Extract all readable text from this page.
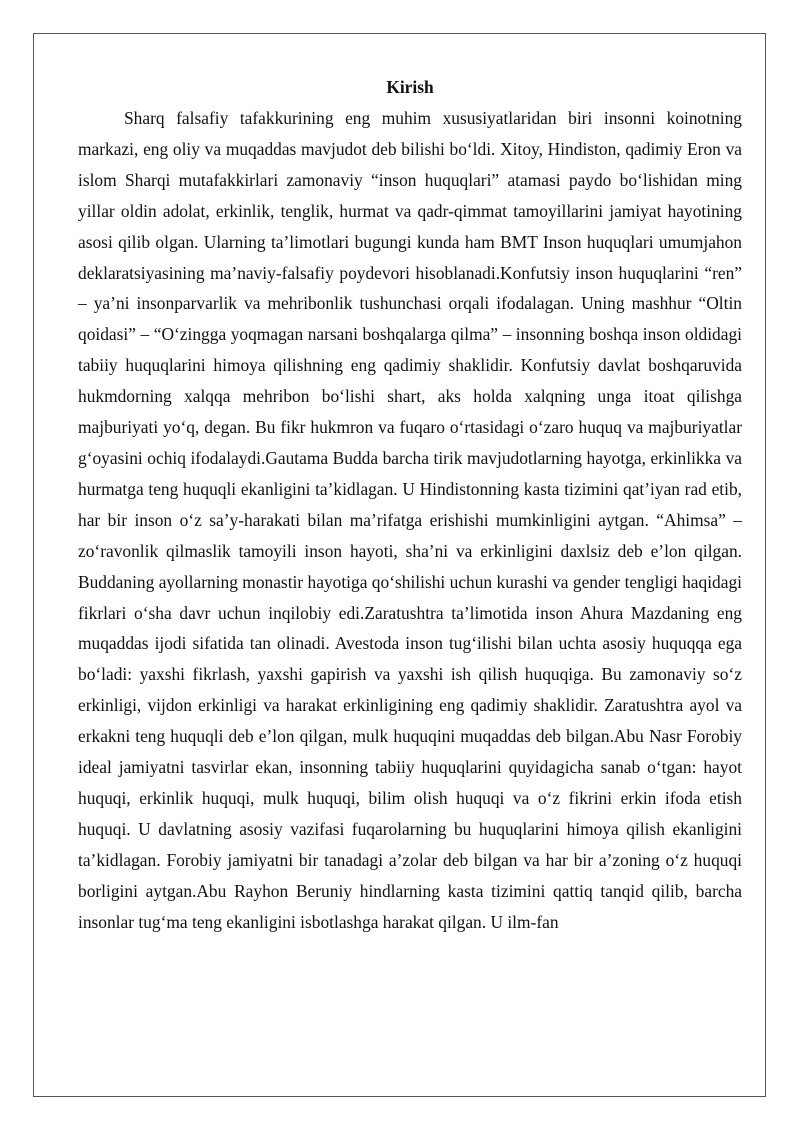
Kirish

Sharq falsafiy tafakkurining eng muhim xususiyatlaridan biri insonni koinotning markazi, eng oliy va muqaddas mavjudot deb bilishi bo‘ldi. Xitoy, Hindiston, qadimiy Eron va islom Sharqi mutafakkirlari zamonaviy “inson huquqlari” atamasi paydo bo‘lishidan ming yillar oldin adolat, erkinlik, tenglik, hurmat va qadr-qimmat tamoyillarini jamiyat hayotining asosi qilib olgan. Ularning ta’limotlari bugungi kunda ham BMT Inson huquqlari umumjahon deklaratsiyasining ma’naviy-falsafiy poydevori hisoblanadi.Konfutsiy inson huquqlarini “ren” – ya’ni insonparvarlik va mehribonlik tushunchasi orqali ifodalagan. Uning mashhur “Oltin qoidasi” – “O‘zingga yoqmagan narsani boshqalarga qilma” – insonning boshqa inson oldidagi tabiiy huquqlarini himoya qilishning eng qadimiy shaklidir. Konfutsiy davlat boshqaruvida hukmdorning xalqqa mehribon bo‘lishi shart, aks holda xalqning unga itoat qilishga majburiyati yo‘q, degan. Bu fikr hukmron va fuqaro o‘rtasidagi o‘zaro huquq va majburiyatlar g‘oyasini ochiq ifodalaydi.Gautama Budda barcha tirik mavjudotlarning hayotga, erkinlikka va hurmatga teng huquqli ekanligini ta’kidlagan. U Hindistonning kasta tizimini qat’iyan rad etib, har bir inson o‘z sa’y-harakati bilan ma’rifatga erishishi mumkinligini aytgan. “Ahimsa” – zo‘ravonlik qilmaslik tamoyili inson hayoti, sha’ni va erkinligini daxlsiz deb e’lon qilgan. Buddaning ayollarning monastir hayotiga qo‘shilishi uchun kurashi va gender tengligi haqidagi fikrlari o‘sha davr uchun inqilobiy edi.Zaratushtra ta’limotida inson Ahura Mazdaning eng muqaddas ijodi sifatida tan olinadi. Avestoda inson tug‘ilishi bilan uchta asosiy huquqqa ega bo‘ladi: yaxshi fikrlash, yaxshi gapirish va yaxshi ish qilish huquqiga. Bu zamonaviy so‘z erkinligi, vijdon erkinligi va harakat erkinligining eng qadimiy shaklidir. Zaratushtra ayol va erkakni teng huquqli deb e’lon qilgan, mulk huquqini muqaddas deb bilgan.Abu Nasr Forobiy ideal jamiyatni tasvirlar ekan, insonning tabiiy huquqlarini quyidagicha sanab o‘tgan: hayot huquqi, erkinlik huquqi, mulk huquqi, bilim olish huquqi va o‘z fikrini erkin ifoda etish huquqi. U davlatning asosiy vazifasi fuqarolarning bu huquqlarini himoya qilish ekanligini ta’kidlagan. Forobiy jamiyatni bir tanadagi a’zolar deb bilgan va har bir a’zoning o‘z huquqi borligini aytgan.Abu Rayhon Beruniy hindlarning kasta tizimini qattiq tanqid qilib, barcha insonlar tug‘ma teng ekanligini isbotlashga harakat qilgan. U ilm-fan
